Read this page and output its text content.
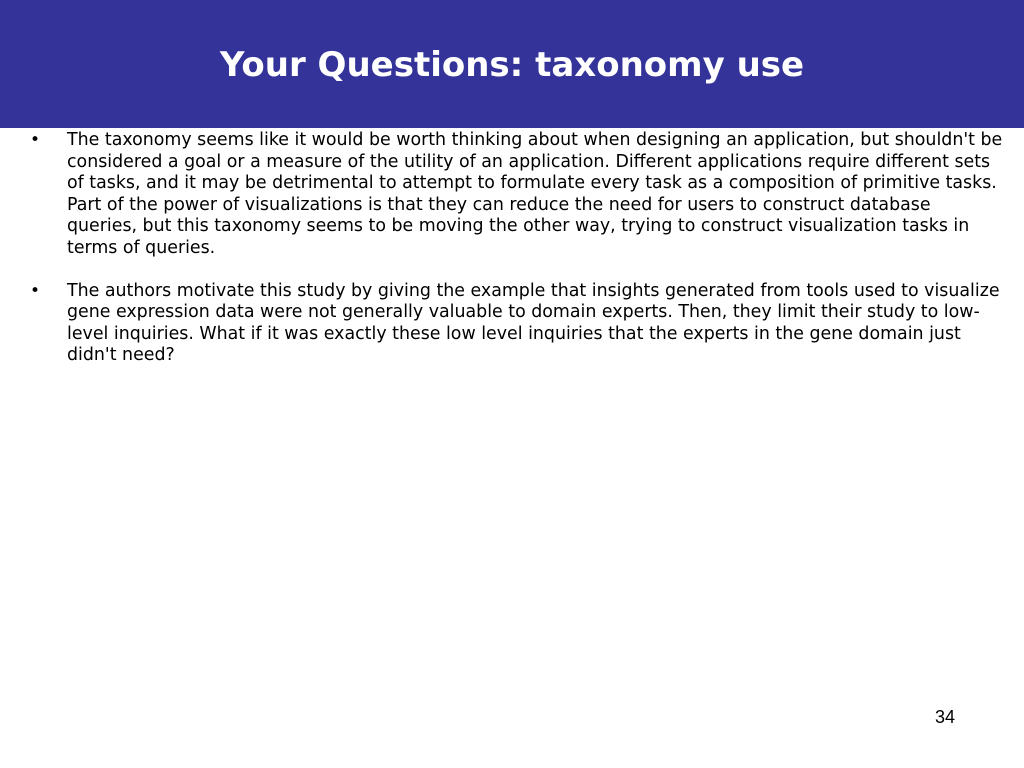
Your Questions: taxonomy use
•	The taxonomy seems like it would be worth thinking about when designing an application, but shouldn't be considered a goal or a measure of the utility of an application. Different applications require different sets of tasks, and it may be detrimental to attempt to formulate every task as a composition of primitive tasks. Part of the power of visualizations is that they can reduce the need for users to construct database queries, but this taxonomy seems to be moving the other way, trying to construct visualization tasks in terms of queries.
•	The authors motivate this study by giving the example that insights generated from tools used to visualize gene expression data were not generally valuable to domain experts. Then, they limit their study to low-level inquiries. What if it was exactly these low level inquiries that the experts in the gene domain just didn't need?
34
